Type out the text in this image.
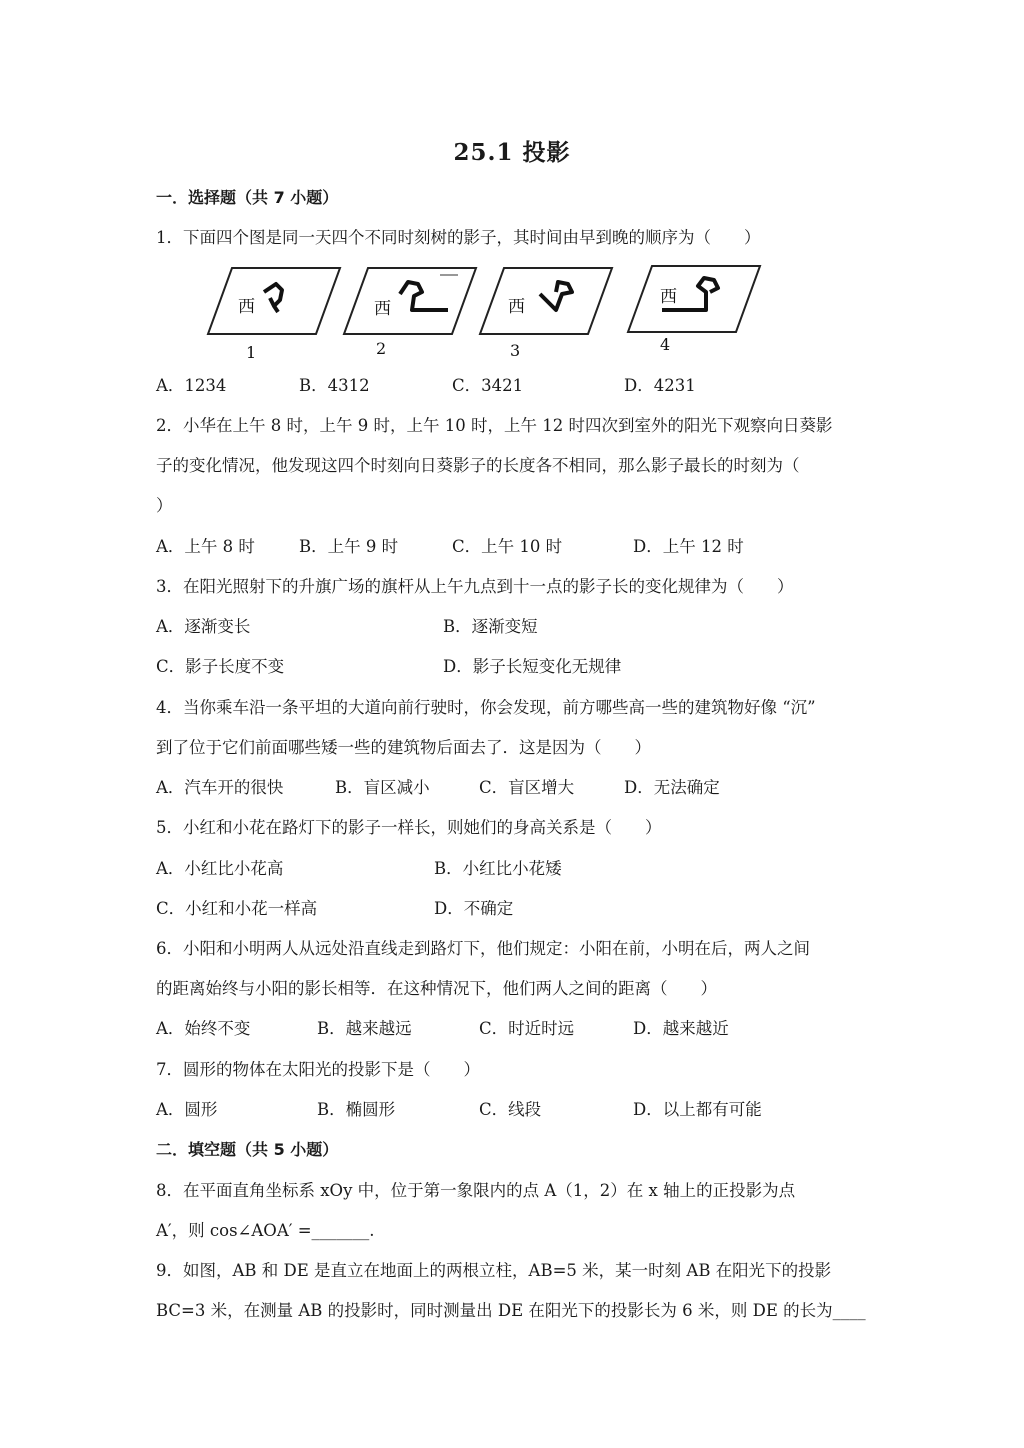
25.1 投影
一．选择题（共 7 小题）
1．下面四个图是同一天四个不同时刻树的影子，其时间由早到晚的顺序为（　　）
西
1
西
2
西
3
西
4
A．1234	B．4312	C．3421	D．4231
2．小华在上午 8 时，上午 9 时，上午 10 时，上午 12 时四次到室外的阳光下观察向日葵影
子的变化情况，他发现这四个时刻向日葵影子的长度各不相同，那么影子最长的时刻为（
）
A．上午 8 时	B．上午 9 时	C．上午 10 时	D．上午 12 时
3．在阳光照射下的升旗广场的旗杆从上午九点到十一点的影子长的变化规律为（　　）
A．逐渐变长	B．逐渐变短
C．影子长度不变	D．影子长短变化无规律
4．当你乘车沿一条平坦的大道向前行驶时，你会发现，前方哪些高一些的建筑物好像 “沉”
到了位于它们前面哪些矮一些的建筑物后面去了．这是因为（　　）
A．汽车开的很快	B．盲区减小	C．盲区增大	D．无法确定
5．小红和小花在路灯下的影子一样长，则她们的身高关系是（　　）
A．小红比小花高	B．小红比小花矮
C．小红和小花一样高	D．不确定
6．小阳和小明两人从远处沿直线走到路灯下，他们规定：小阳在前，小明在后，两人之间
的距离始终与小阳的影长相等．在这种情况下，他们两人之间的距离（　　）
A．始终不变	B．越来越远	C．时近时远	D．越来越近
7．圆形的物体在太阳光的投影下是（　　）
A．圆形	B．椭圆形	C．线段	D．以上都有可能
二．填空题（共 5 小题）
8．在平面直角坐标系 xOy 中，位于第一象限内的点 A（1，2）在 x 轴上的正投影为点
A′，则 cos∠AOA′ =_______.
9．如图，AB 和 DE 是直立在地面上的两根立柱，AB=5 米，某一时刻 AB 在阳光下的投影
BC=3 米，在测量 AB 的投影时，同时测量出 DE 在阳光下的投影长为 6 米，则 DE 的长为____
